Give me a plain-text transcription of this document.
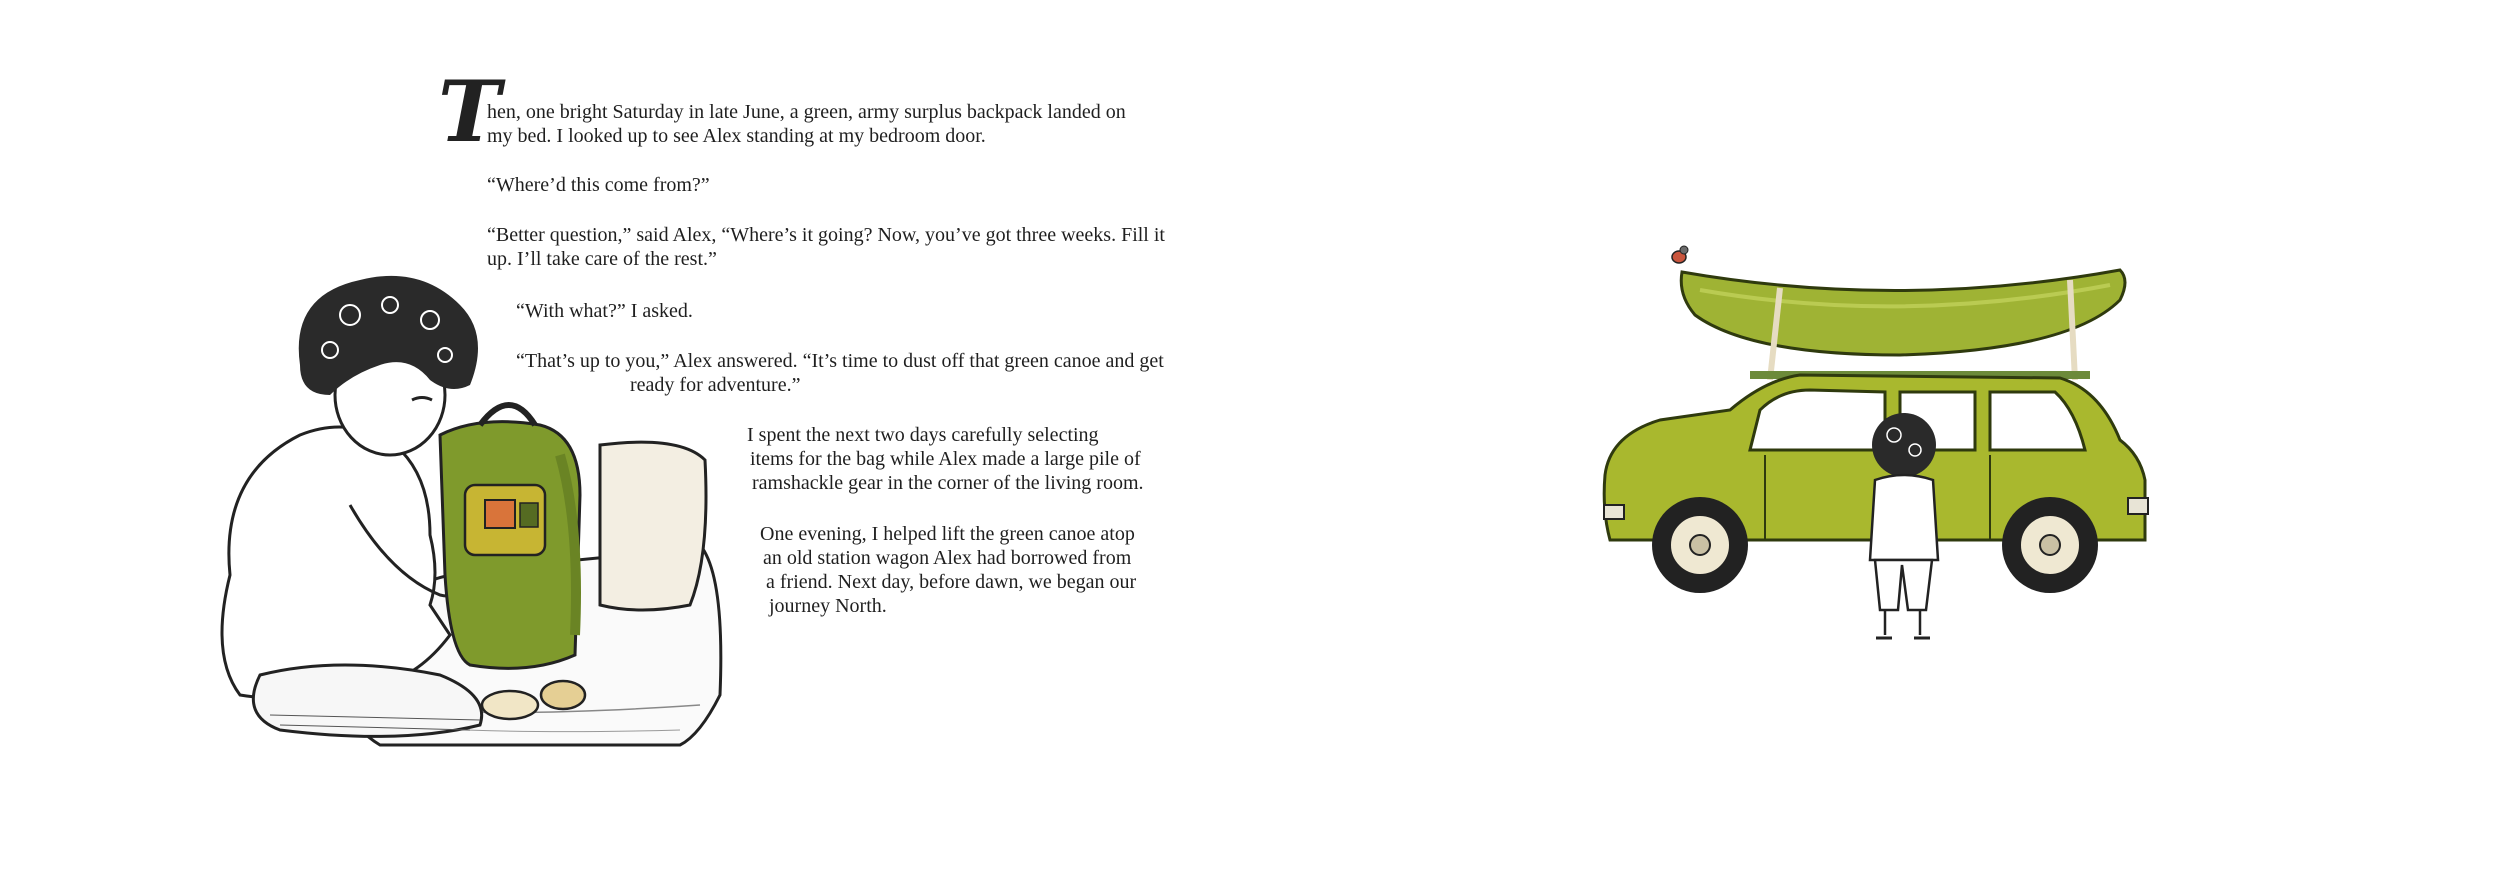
T

hen, one bright Saturday in late June, a green, army surplus backpack landed on

my bed. I looked up to see Alex standing at my bedroom door.

“Where’d this come from?”

“Better question,” said Alex, “Where’s it going? Now, you’ve got three weeks. Fill it

up. I’ll take care of the rest.”

“With what?” I asked.

“That’s up to you,” Alex answered. “It’s time to dust off that green canoe and get

ready for adventure.”

I spent the next two days carefully selecting

items for the bag while Alex made a large pile of

ramshackle gear in the corner of the living room.

One evening, I helped lift the green canoe atop

an old station wagon Alex had borrowed from

a friend. Next day, before dawn, we began our

journey North.
